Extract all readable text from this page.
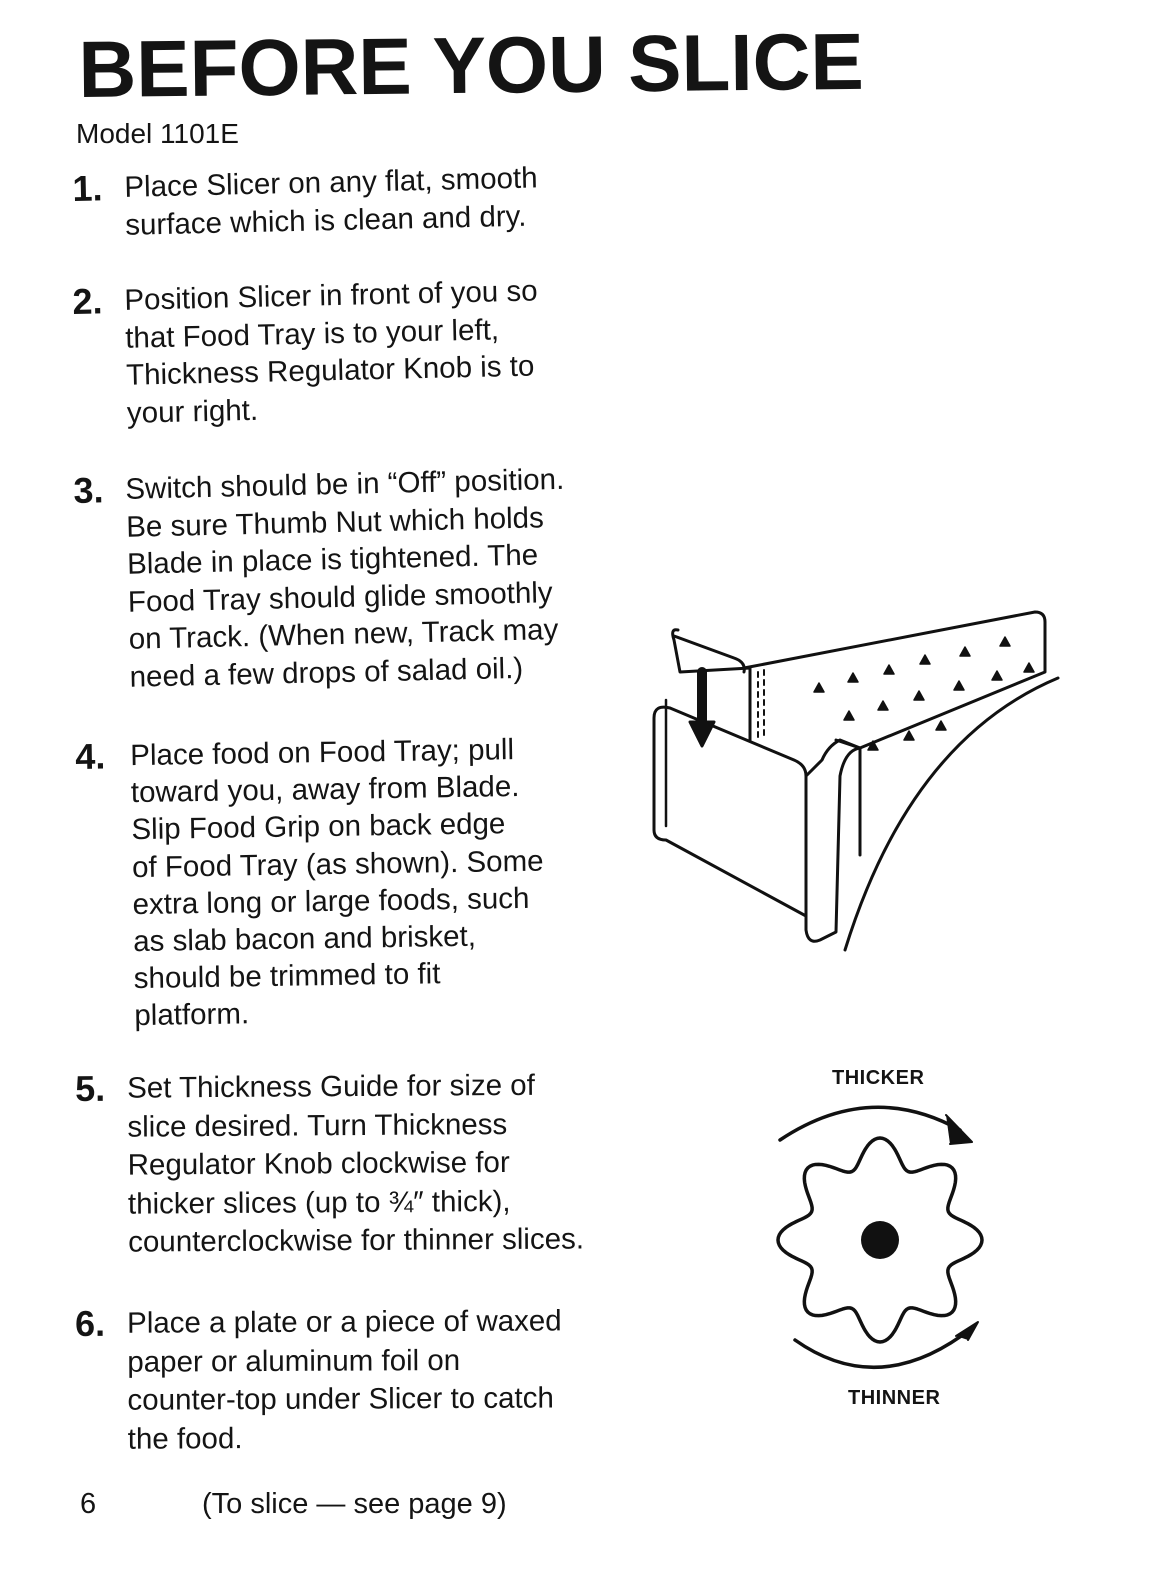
BEFORE YOU SLICE
Model 1101E
1. Place Slicer on any flat, smooth
surface which is clean and dry.
2. Position Slicer in front of you so
that Food Tray is to your left,
Thickness Regulator Knob is to
your right.
3. Switch should be in “Off” position.
Be sure Thumb Nut which holds
Blade in place is tightened. The
Food Tray should glide smoothly
on Track. (When new, Track may
need a few drops of salad oil.)
4. Place food on Food Tray; pull
toward you, away from Blade.
Slip Food Grip on back edge
of Food Tray (as shown). Some
extra long or large foods, such
as slab bacon and brisket,
should be trimmed to fit
platform.
5. Set Thickness Guide for size of
slice desired. Turn Thickness
Regulator Knob clockwise for
thicker slices (up to ¾″ thick),
counterclockwise for thinner slices.
6. Place a plate or a piece of waxed
paper or aluminum foil on
counter-top under Slicer to catch
the food.
THICKER
THINNER
6	(To slice — see page 9)
